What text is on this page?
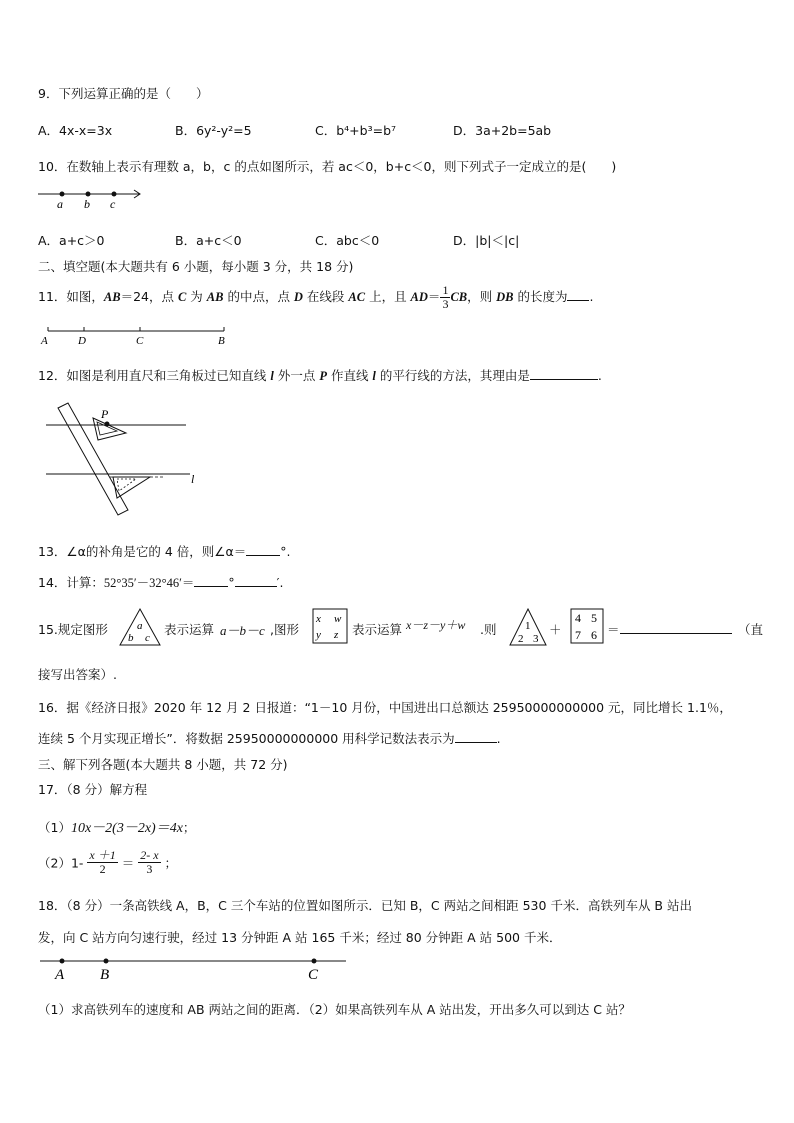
9．下列运算正确的是（　　）
A．4x-x=3x	B．6y²-y²=5	C．b⁴+b³=b⁷	D．3a+2b=5ab
10．在数轴上表示有理数 a，b，c 的点如图所示，若 ac＜0，b+c＜0，则下列式子一定成立的是(　　)
a b c
A．a+c＞0	B．a+c＜0	C．abc＜0	D．|b|＜|c|
二、填空题(本大题共有 6 小题，每小题 3 分，共 18 分)
11．如图，AB＝24，点 C 为 AB 的中点，点 D 在线段 AC 上，且 $AD= \frac{1}{3}$ CB，则 DB 的长度为 .
A	D	C	B
12．如图是利用直尺和三角板过已知直线 l 外一点 P 作直线 l 的平行线的方法，其理由是	.
P
l
13．∠α的补角是它的 4 倍，则∠α＝	°.
14．计算：52°35′－32°46′＝	°	′.
15.规定图形	a
b c
表示运算 a－b－c ,图形
x w
y z 表示运算 x－z－y＋w .则	1
2 3
＋
4 5
7 6 ＝	（直
接写出答案）.
16．据《经济日报》2020 年 12 月 2 日报道：“1－10 月份，中国进出口总额达 25950000000000 元，同比增长 1.1％，
连续 5 个月实现正增长”．将数据 25950000000000 用科学记数法表示为	.
三、解下列各题(本大题共 8 小题，共 72 分)
17．（8 分）解方程
（1）10x－2(3－2x)＝4x；
$(2)1- \frac{x +1}{2} = \frac{2- x}{3}$ ；
18．（8 分）一条高铁线 A，B，C 三个车站的位置如图所示．已知 B，C 两站之间相距 530 千米．高铁列车从 B 站出
发，向 C 站方向匀速行驶，经过 13 分钟距 A 站 165 千米；经过 80 分钟距 A 站 500 千米．
A B	C
（1）求高铁列车的速度和 AB 两站之间的距离．（2）如果高铁列车从 A 站出发，开出多久可以到达 C 站？
